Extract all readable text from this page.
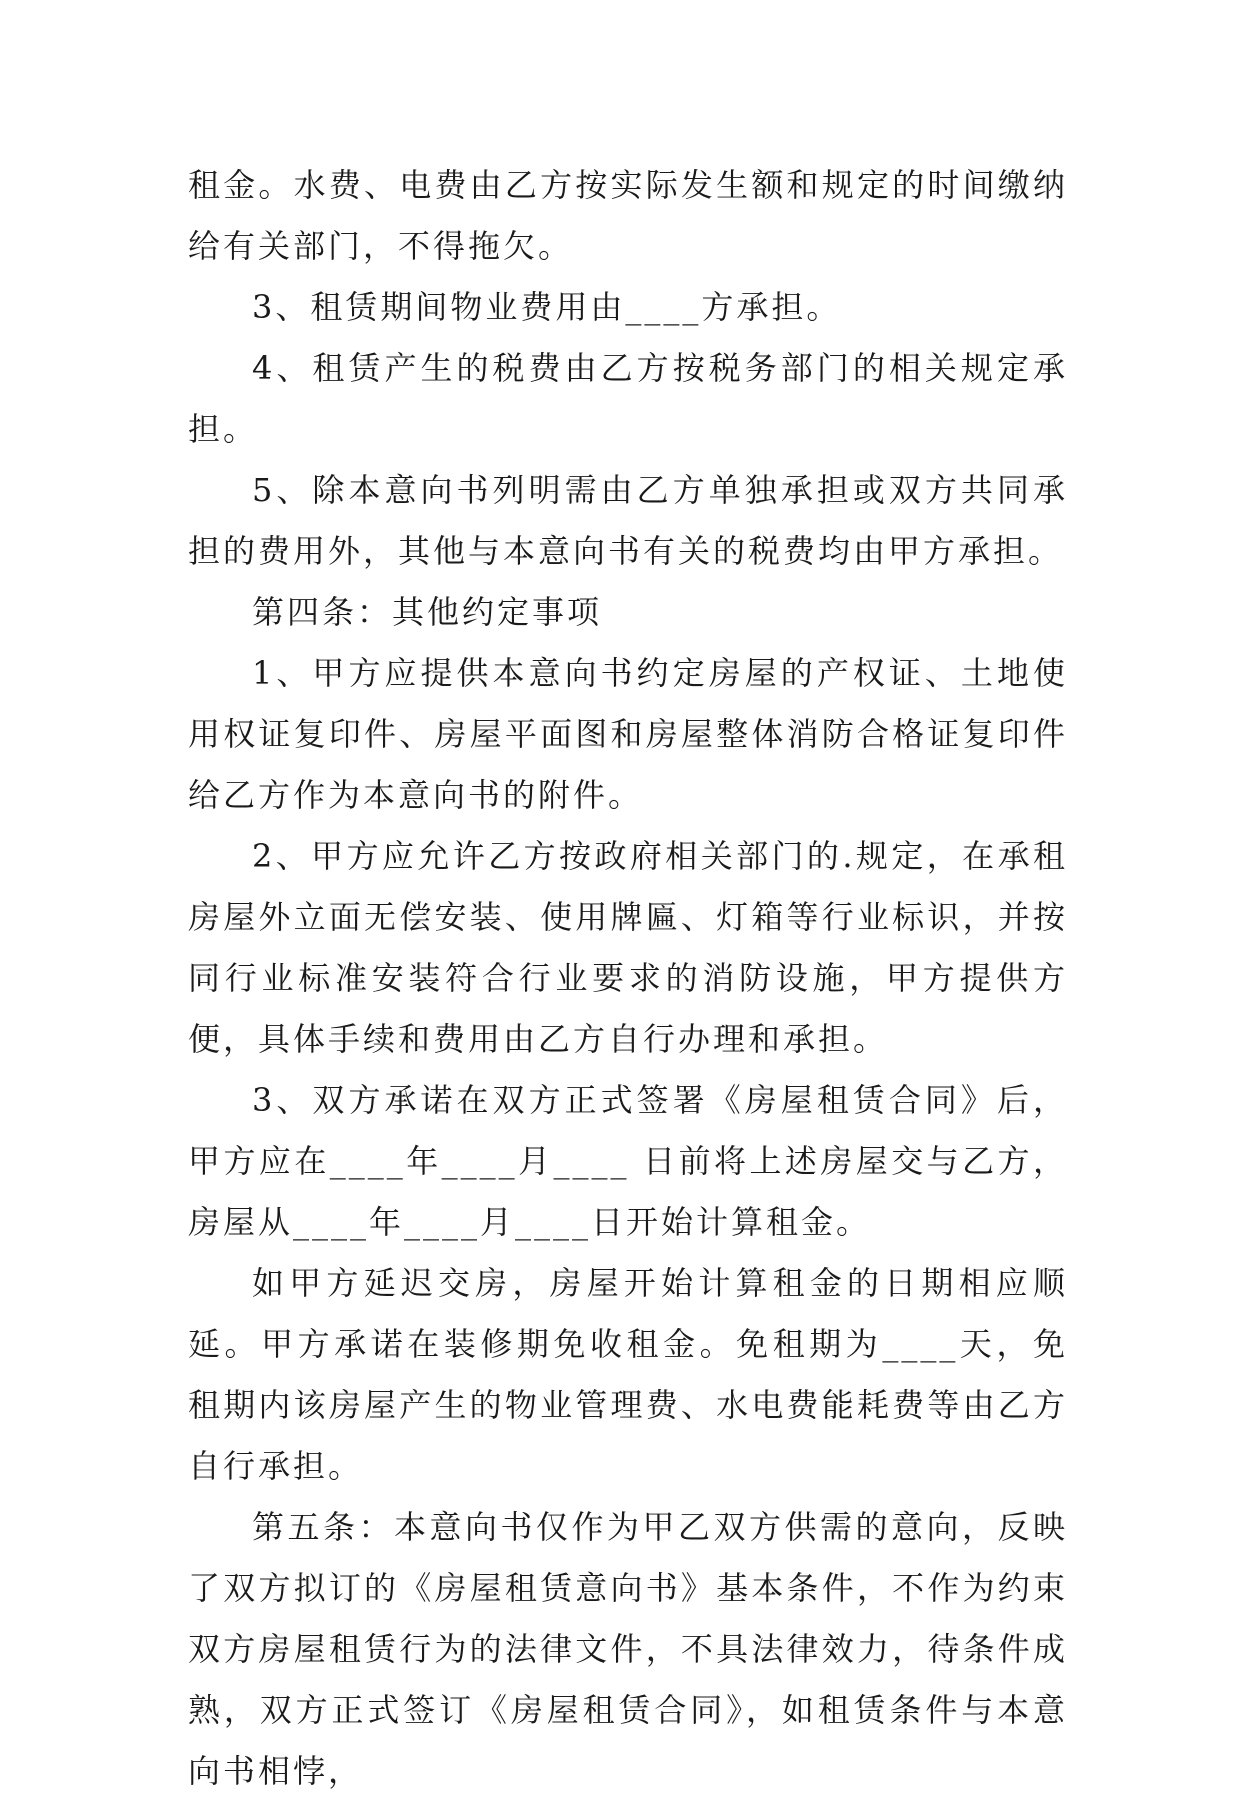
租金。水费、电费由乙方按实际发生额和规定的时间缴纳给有关部门，不得拖欠。

3、租赁期间物业费用由____方承担。

4、租赁产生的税费由乙方按税务部门的相关规定承担。

5、除本意向书列明需由乙方单独承担或双方共同承担的费用外，其他与本意向书有关的税费均由甲方承担。

第四条：其他约定事项

1、甲方应提供本意向书约定房屋的产权证、土地使用权证复印件、房屋平面图和房屋整体消防合格证复印件给乙方作为本意向书的附件。

2、甲方应允许乙方按政府相关部门的.规定，在承租房屋外立面无偿安装、使用牌匾、灯箱等行业标识，并按同行业标准安装符合行业要求的消防设施，甲方提供方便，具体手续和费用由乙方自行办理和承担。

3、双方承诺在双方正式签署《房屋租赁合同》后，甲方应在____年____月____ 日前将上述房屋交与乙方，房屋从____年____月____日开始计算租金。

如甲方延迟交房，房屋开始计算租金的日期相应顺延。甲方承诺在装修期免收租金。免租期为____天，免租期内该房屋产生的物业管理费、水电费能耗费等由乙方自行承担。

第五条：本意向书仅作为甲乙双方供需的意向，反映了双方拟订的《房屋租赁意向书》基本条件，不作为约束双方房屋租赁行为的法律文件，不具法律效力，待条件成熟，双方正式签订《房屋租赁合同》，如租赁条件与本意向书相悖，
